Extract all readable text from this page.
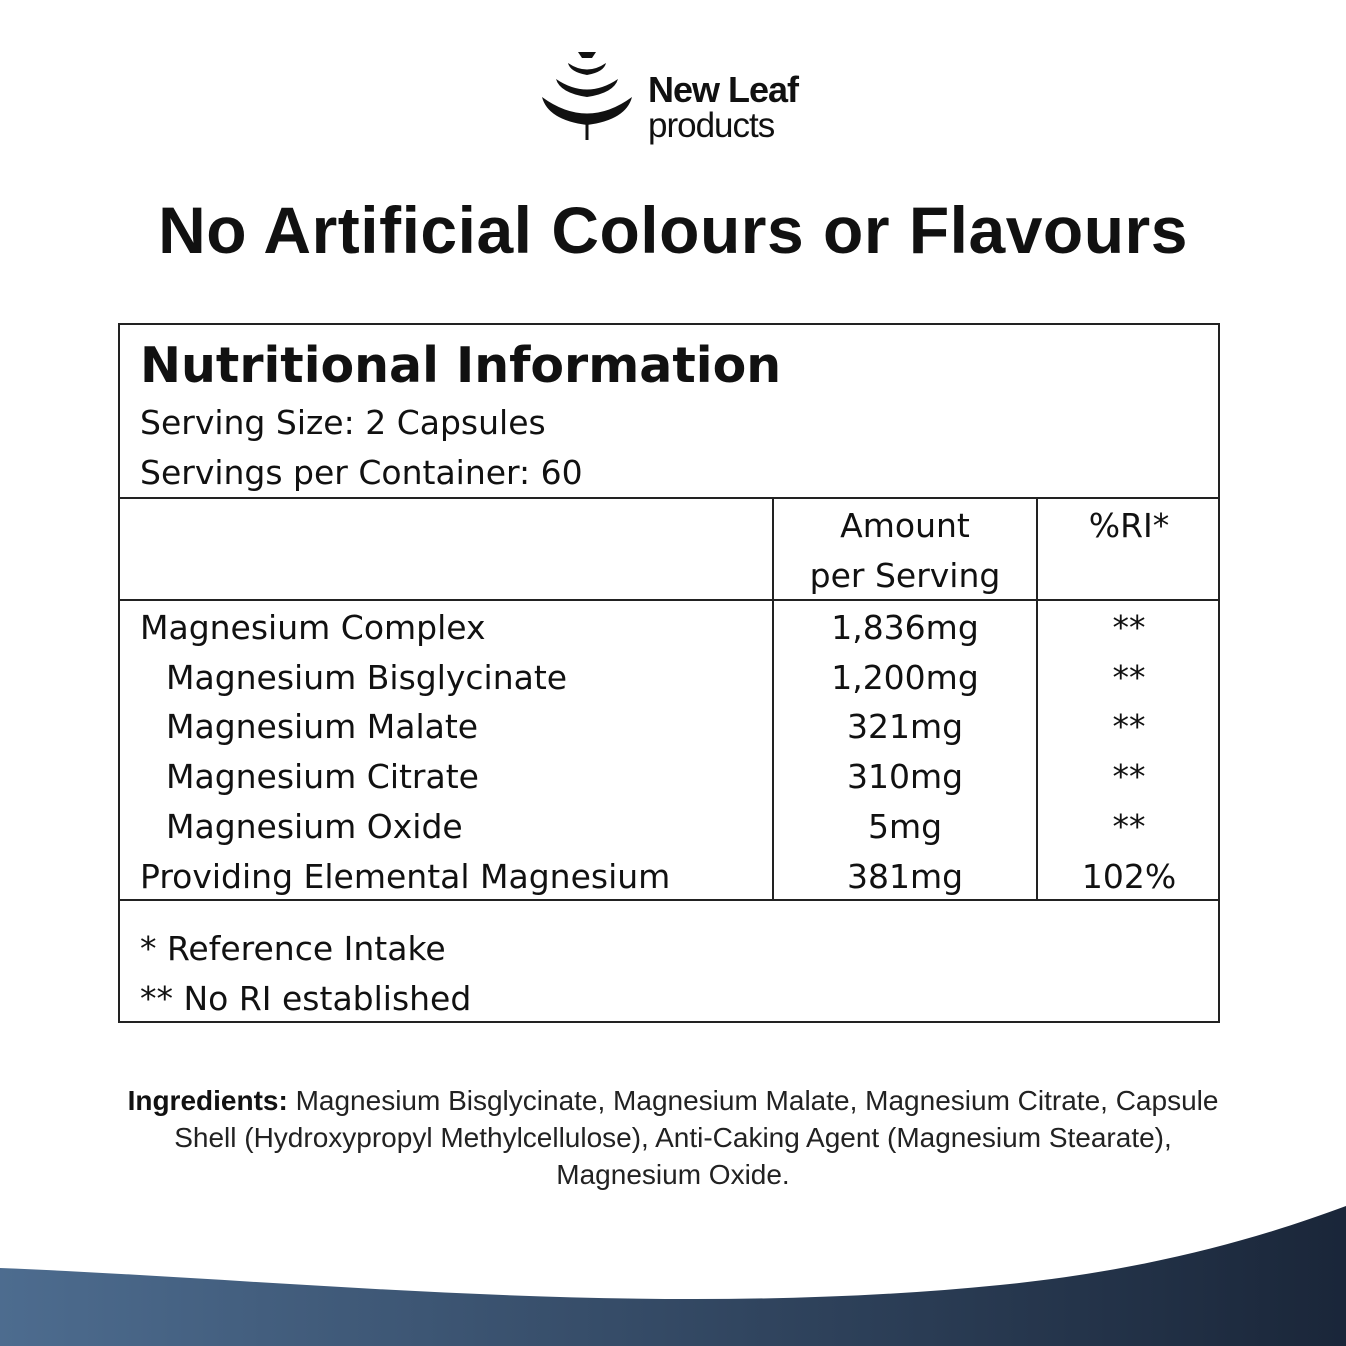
New Leaf
products
No Artificial Colours or Flavours
Nutritional Information
Serving Size: 2 Capsules
Servings per Container: 60
Amount
per Serving
%RI*
Magnesium Complex	1,836mg	**
Magnesium Bisglycinate	1,200mg	**
Magnesium Malate	321mg	**
Magnesium Citrate	310mg	**
Magnesium Oxide	5mg	**
Providing Elemental Magnesium	381mg	102%
* Reference Intake
** No RI established
Ingredients: Magnesium Bisglycinate, Magnesium Malate, Magnesium Citrate, Capsule Shell (Hydroxypropyl Methylcellulose), Anti-Caking Agent (Magnesium Stearate), Magnesium Oxide.
